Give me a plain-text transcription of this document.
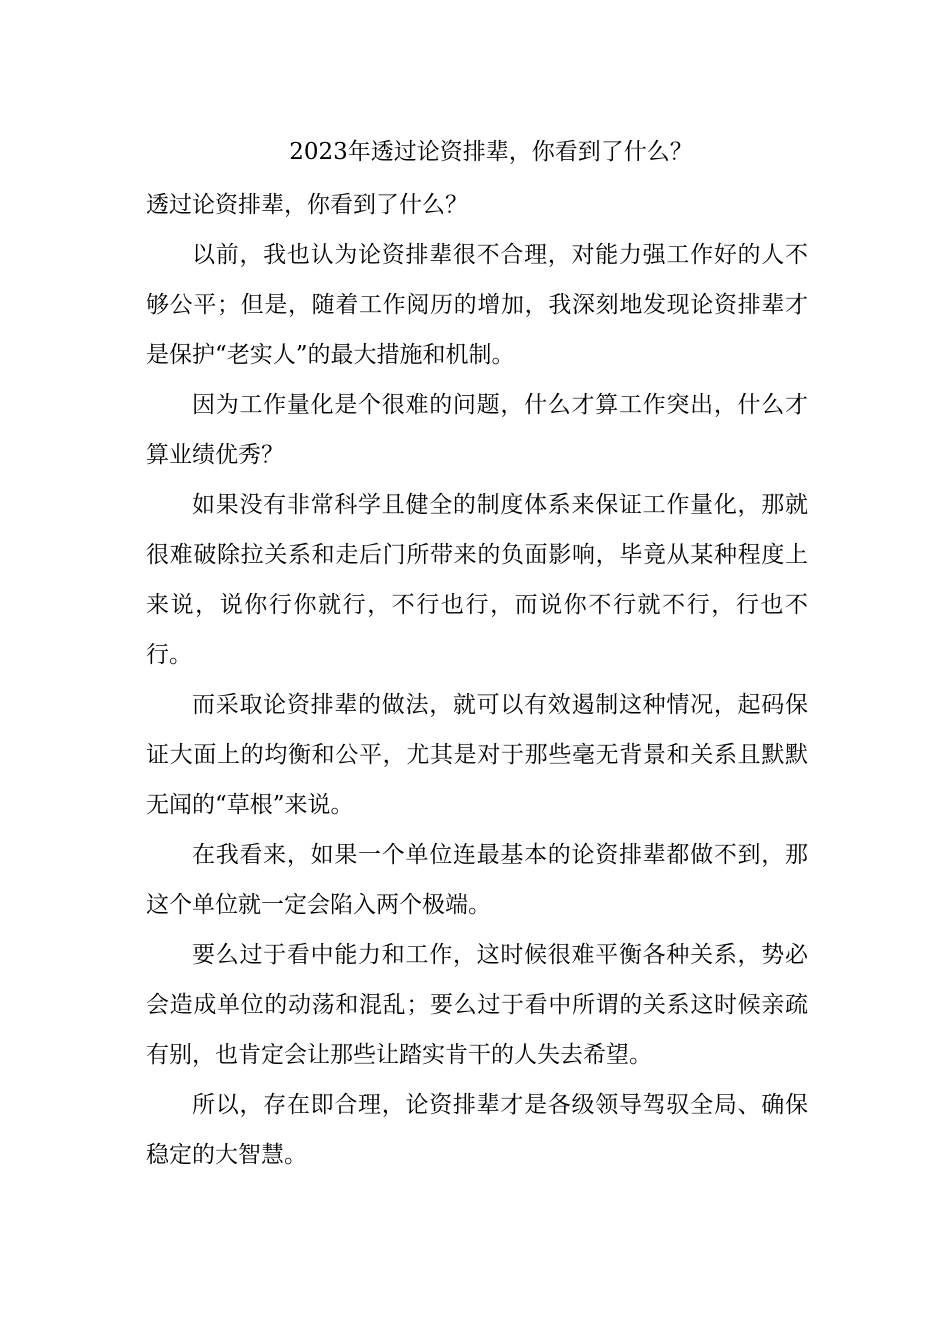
2023年透过论资排辈，你看到了什么？

透过论资排辈，你看到了什么？

以前，我也认为论资排辈很不合理，对能力强工作好的人不够公平；但是，随着工作阅历的增加，我深刻地发现论资排辈才是保护“老实人”的最大措施和机制。

因为工作量化是个很难的问题，什么才算工作突出，什么才算业绩优秀？

如果没有非常科学且健全的制度体系来保证工作量化，那就很难破除拉关系和走后门所带来的负面影响，毕竟从某种程度上来说，说你行你就行，不行也行，而说你不行就不行，行也不行。

而采取论资排辈的做法，就可以有效遏制这种情况，起码保证大面上的均衡和公平，尤其是对于那些毫无背景和关系且默默无闻的“草根”来说。

在我看来，如果一个单位连最基本的论资排辈都做不到，那这个单位就一定会陷入两个极端。

要么过于看中能力和工作，这时候很难平衡各种关系，势必会造成单位的动荡和混乱；要么过于看中所谓的关系这时候亲疏有别，也肯定会让那些让踏实肯干的人失去希望。

所以，存在即合理，论资排辈才是各级领导驾驭全局、确保稳定的大智慧。
